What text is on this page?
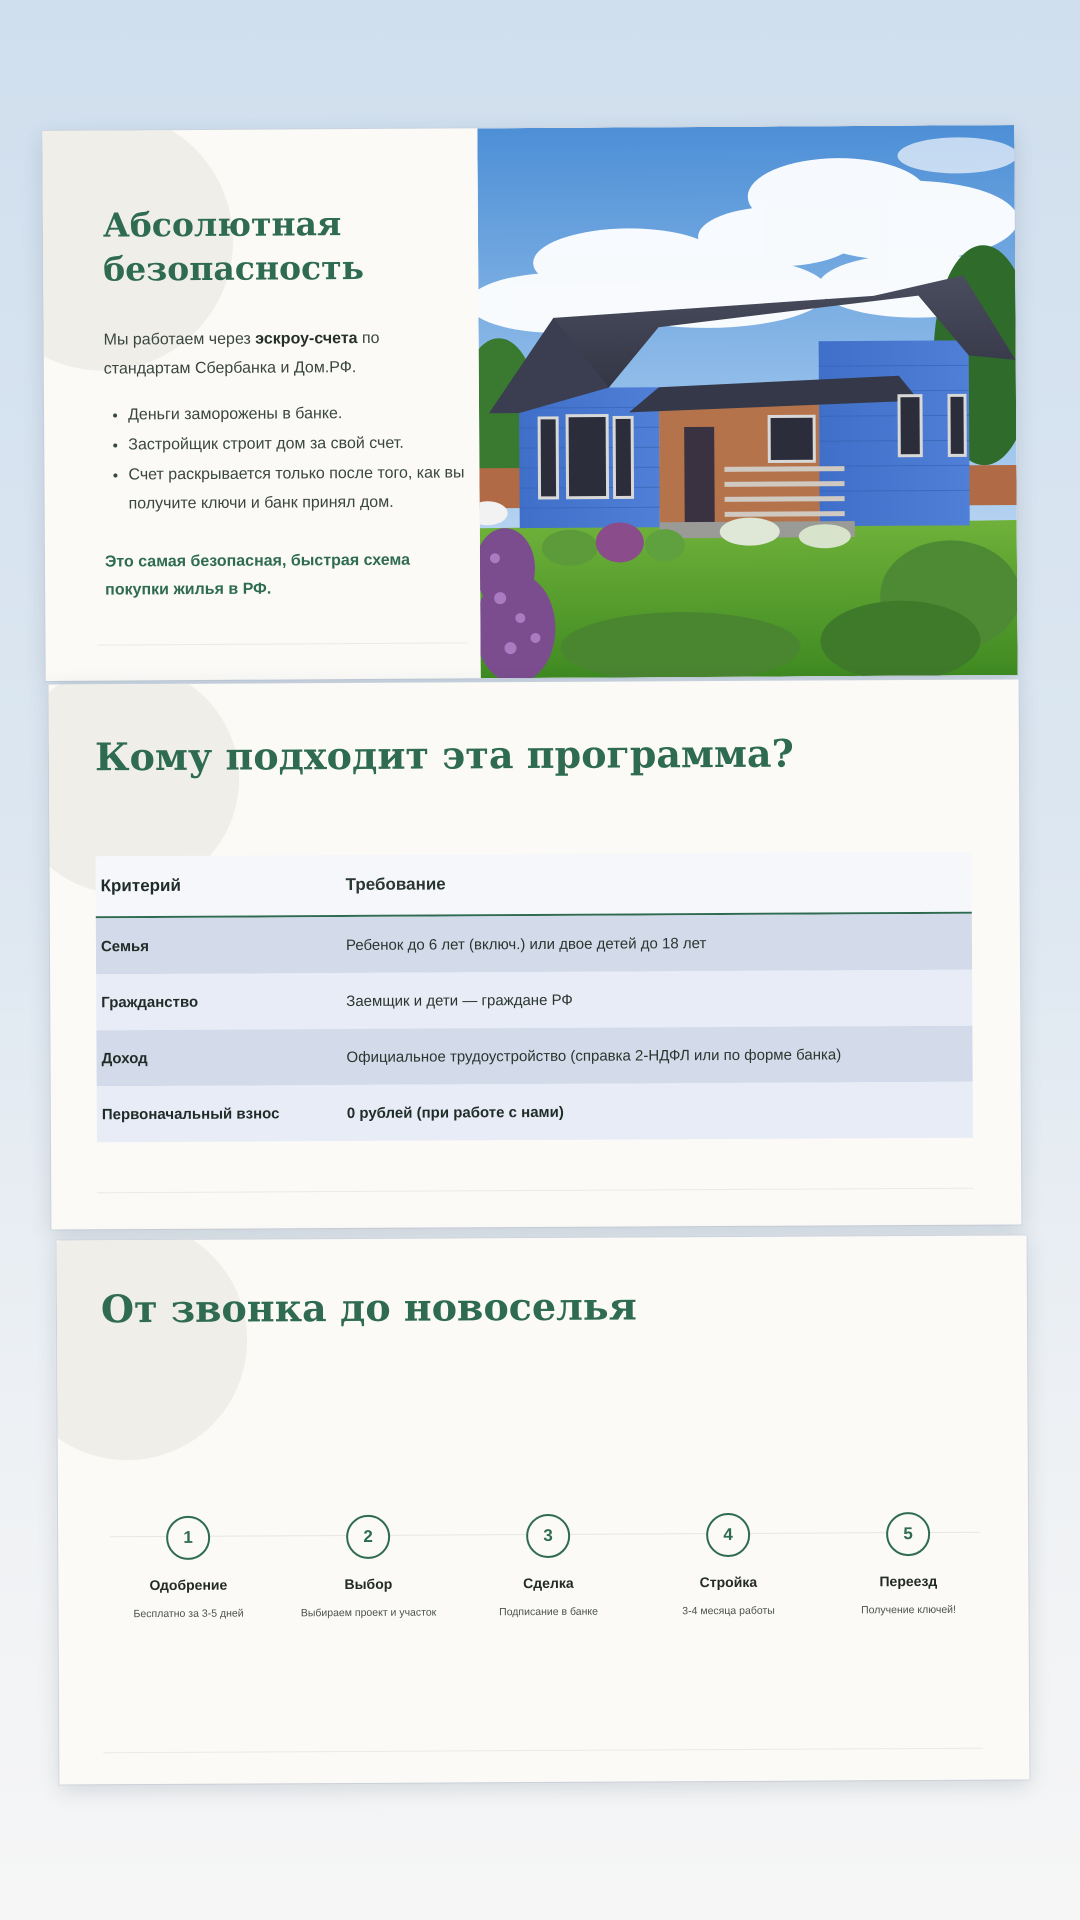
Абсолютная безопасность
Мы работаем через эскроу-счета по стандартам Сбербанка и Дом.РФ.
• Деньги заморожены в банке.
• Застройщик строит дом за свой счет.
• Счет раскрывается только после того, как вы получите ключи и банк принял дом.
Это самая безопасная, быстрая схема покупки жилья в РФ.
Кому подходит эта программа?
Критерий	Требование
Семья	Ребенок до 6 лет (включ.) или двое детей до 18 лет
Гражданство	Заемщик и дети — граждане РФ
Доход	Официальное трудоустройство (справка 2-НДФЛ или по форме банка)
Первоначальный взнос	0 рублей (при работе с нами)
От звонка до новоселья
1
Одобрение
Бесплатно за 3-5 дней
2
Выбор
Выбираем проект и участок
3
Сделка
Подписание в банке
4
Стройка
3-4 месяца работы
5
Переезд
Получение ключей!
